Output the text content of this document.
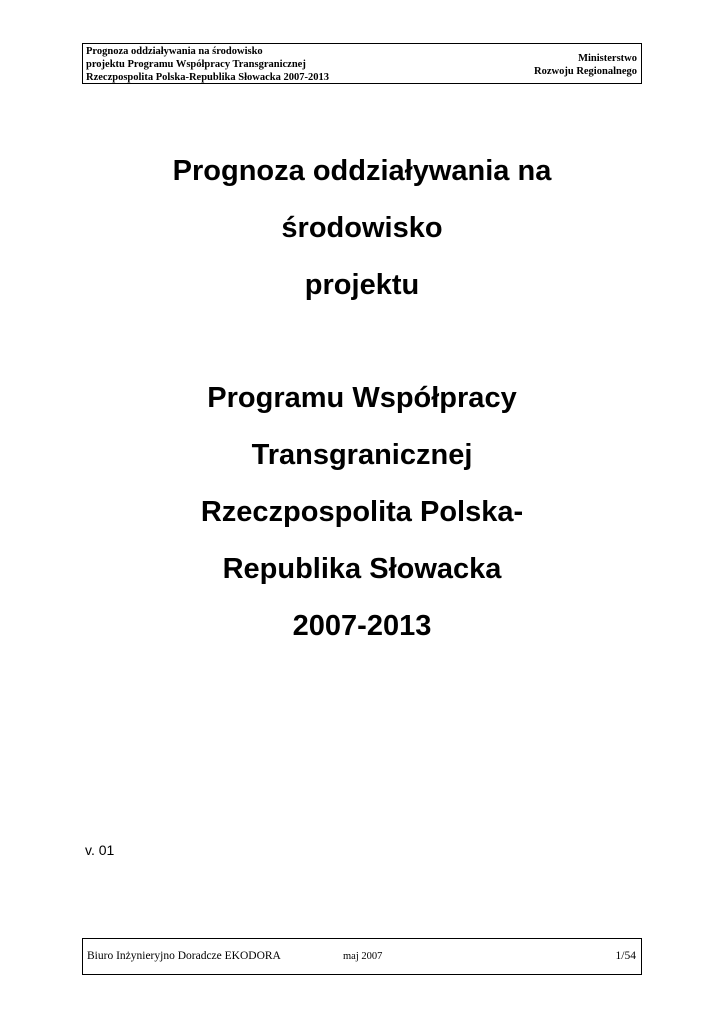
Prognoza oddziaływania na środowisko
projektu Programu Współpracy Transgranicznej
Rzeczpospolita Polska-Republika Słowacka 2007-2013
Ministerstwo
Rozwoju Regionalnego
Prognoza oddziaływania na
środowisko
projektu
Programu Współpracy
Transgranicznej
Rzeczpospolita Polska-
Republika Słowacka
2007-2013
v. 01
Biuro Inżynieryjno Doradcze EKODORA	maj 2007	1/54
